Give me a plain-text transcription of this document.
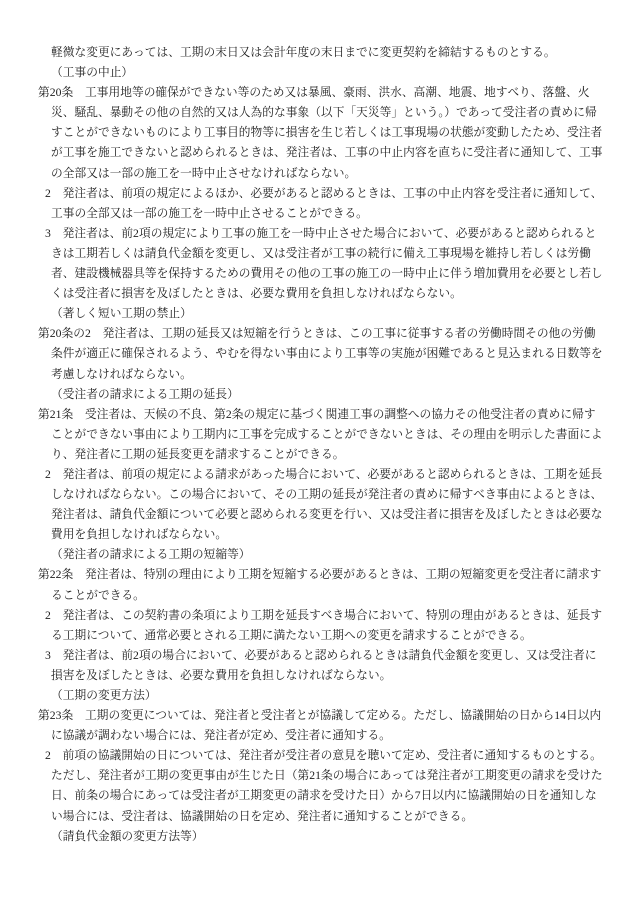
軽微な変更にあっては、工期の末日又は会計年度の末日までに変更契約を締結するものとする。
（工事の中止）
第20条　工事用地等の確保ができない等のため又は暴風、豪雨、洪水、高潮、地震、地すべり、落盤、火
災、騒乱、暴動その他の自然的又は人為的な事象（以下「天災等」という。）であって受注者の責めに帰
すことができないものにより工事目的物等に損害を生じ若しくは工事現場の状態が変動したため、受注者
が工事を施工できないと認められるときは、発注者は、工事の中止内容を直ちに受注者に通知して、工事
の全部又は一部の施工を一時中止させなければならない。
2　発注者は、前項の規定によるほか、必要があると認めるときは、工事の中止内容を受注者に通知して、
工事の全部又は一部の施工を一時中止させることができる。
3　発注者は、前2項の規定により工事の施工を一時中止させた場合において、必要があると認められると
きは工期若しくは請負代金額を変更し、又は受注者が工事の続行に備え工事現場を維持し若しくは労働
者、建設機械器具等を保持するための費用その他の工事の施工の一時中止に伴う増加費用を必要とし若し
くは受注者に損害を及ぼしたときは、必要な費用を負担しなければならない。
（著しく短い工期の禁止）
第20条の2　発注者は、工期の延長又は短縮を行うときは、この工事に従事する者の労働時間その他の労働
条件が適正に確保されるよう、やむを得ない事由により工事等の実施が困難であると見込まれる日数等を
考慮しなければならない。
（受注者の請求による工期の延長）
第21条　受注者は、天候の不良、第2条の規定に基づく関連工事の調整への協力その他受注者の責めに帰す
ことができない事由により工期内に工事を完成することができないときは、その理由を明示した書面によ
り、発注者に工期の延長変更を請求することができる。
2　発注者は、前項の規定による請求があった場合において、必要があると認められるときは、工期を延長
しなければならない。この場合において、その工期の延長が発注者の責めに帰すべき事由によるときは、
発注者は、請負代金額について必要と認められる変更を行い、又は受注者に損害を及ぼしたときは必要な
費用を負担しなければならない。
（発注者の請求による工期の短縮等）
第22条　発注者は、特別の理由により工期を短縮する必要があるときは、工期の短縮変更を受注者に請求す
ることができる。
2　発注者は、この契約書の条項により工期を延長すべき場合において、特別の理由があるときは、延長す
る工期について、通常必要とされる工期に満たない工期への変更を請求することができる。
3　発注者は、前2項の場合において、必要があると認められるときは請負代金額を変更し、又は受注者に
損害を及ぼしたときは、必要な費用を負担しなければならない。
（工期の変更方法）
第23条　工期の変更については、発注者と受注者とが協議して定める。ただし、協議開始の日から14日以内
に協議が調わない場合には、発注者が定め、受注者に通知する。
2　前項の協議開始の日については、発注者が受注者の意見を聴いて定め、受注者に通知するものとする。
ただし、発注者が工期の変更事由が生じた日（第21条の場合にあっては発注者が工期変更の請求を受けた
日、前条の場合にあっては受注者が工期変更の請求を受けた日）から7日以内に協議開始の日を通知しな
い場合には、受注者は、協議開始の日を定め、発注者に通知することができる。
（請負代金額の変更方法等）
